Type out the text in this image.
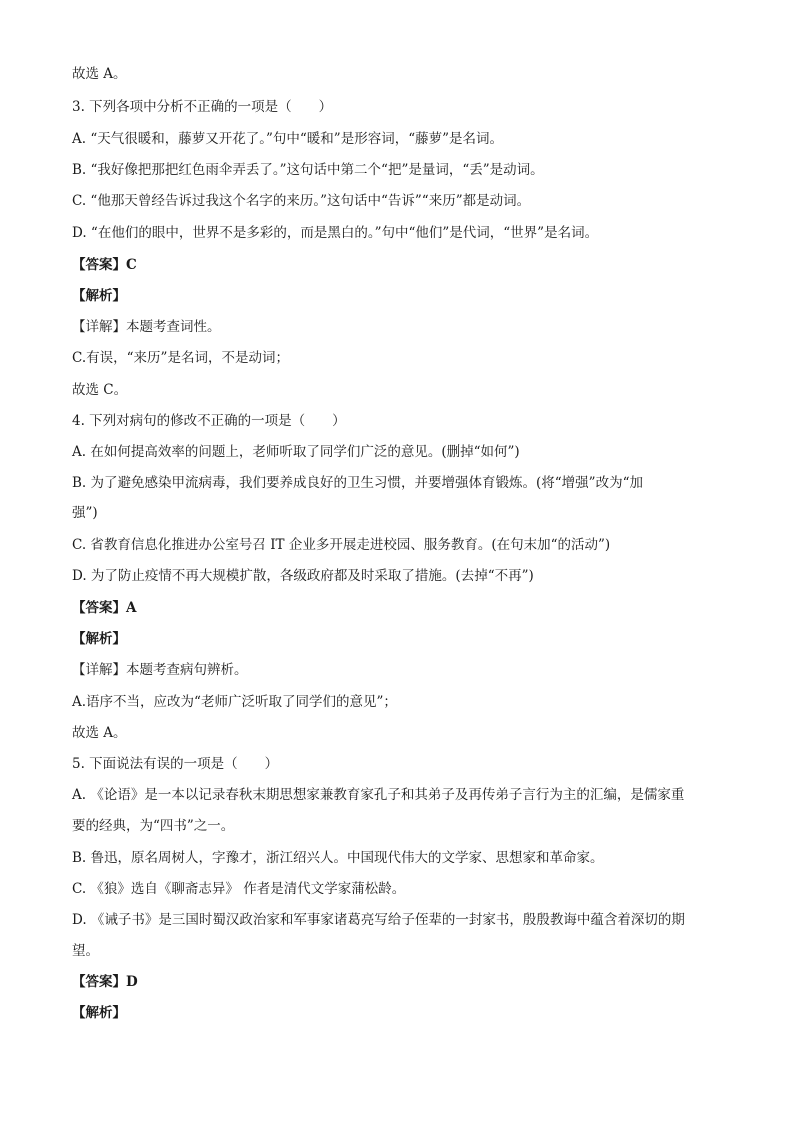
故选 A。
3. 下列各项中分析不正确的一项是（　　）
A. “天气很暖和，藤萝又开花了。”句中“暖和”是形容词，“藤萝”是名词。
B. “我好像把那把红色雨伞弄丢了。”这句话中第二个“把”是量词，“丢”是动词。
C. “他那天曾经告诉过我这个名字的来历。”这句话中“告诉”“来历”都是动词。
D. “在他们的眼中，世界不是多彩的，而是黑白的。”句中“他们”是代词，“世界”是名词。
【答案】C
【解析】
【详解】本题考查词性。
C.有误，“来历”是名词，不是动词；
故选 C。
4. 下列对病句的修改不正确的一项是（　　）
A. 在如何提高效率的问题上，老师听取了同学们广泛的意见。(删掉“如何”)
B. 为了避免感染甲流病毒，我们要养成良好的卫生习惯，并要增强体育锻炼。(将“增强”改为“加
强”)
C. 省教育信息化推进办公室号召 IT 企业多开展走进校园、服务教育。(在句末加“的活动”)
D. 为了防止疫情不再大规模扩散，各级政府都及时采取了措施。(去掉“不再”)
【答案】A
【解析】
【详解】本题考查病句辨析。
A.语序不当，应改为“老师广泛听取了同学们的意见”；
故选 A。
5. 下面说法有误的一项是（　　）
A. 《论语》是一本以记录春秋末期思想家兼教育家孔子和其弟子及再传弟子言行为主的汇编，是儒家重
要的经典，为“四书”之一。
B. 鲁迅，原名周树人，字豫才，浙江绍兴人。中国现代伟大的文学家、思想家和革命家。
C. 《狼》选自《聊斋志异》 作者是清代文学家蒲松龄。
D. 《诫子书》是三国时蜀汉政治家和军事家诸葛亮写给子侄辈的一封家书，殷殷教诲中蕴含着深切的期
望。
【答案】D
【解析】
